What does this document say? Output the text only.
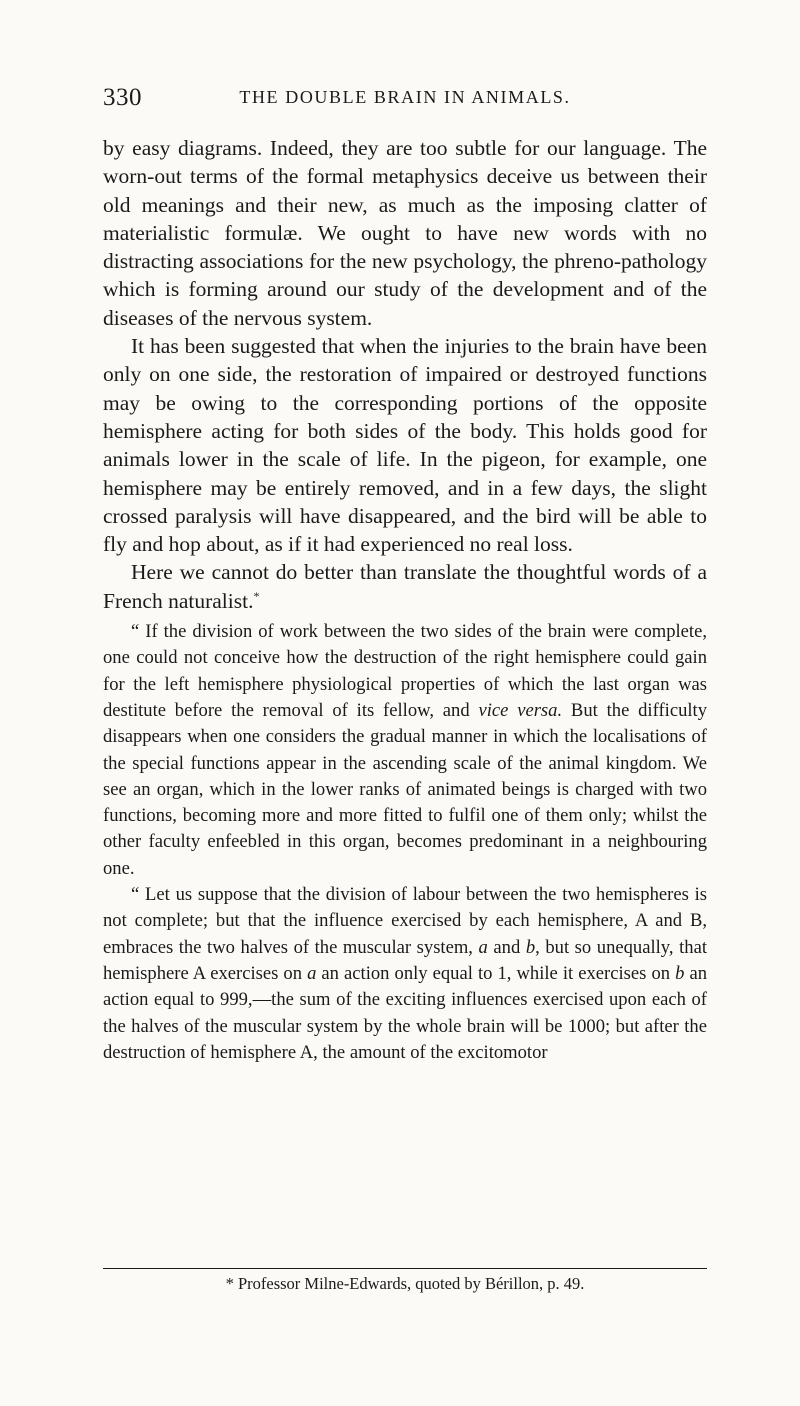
330	THE DOUBLE BRAIN IN ANIMALS.

by easy diagrams. Indeed, they are too subtle for our language. The worn-out terms of the formal metaphysics deceive us between their old meanings and their new, as much as the imposing clatter of materialistic formulæ. We ought to have new words with no distracting associations for the new psychology, the phreno-pathology which is forming around our study of the development and of the diseases of the nervous system.

It has been suggested that when the injuries to the brain have been only on one side, the restoration of impaired or destroyed functions may be owing to the corresponding portions of the opposite hemisphere acting for both sides of the body. This holds good for animals lower in the scale of life. In the pigeon, for example, one hemisphere may be entirely removed, and in a few days, the slight crossed paralysis will have disappeared, and the bird will be able to fly and hop about, as if it had experienced no real loss.

Here we cannot do better than translate the thoughtful words of a French naturalist.*

“ If the division of work between the two sides of the brain were complete, one could not conceive how the destruction of the right hemisphere could gain for the left hemisphere physiological properties of which the last organ was destitute before the removal of its fellow, and vice versa. But the difficulty disappears when one considers the gradual manner in which the localisations of the special functions appear in the ascending scale of the animal kingdom. We see an organ, which in the lower ranks of animated beings is charged with two functions, becoming more and more fitted to fulfil one of them only; whilst the other faculty enfeebled in this organ, becomes predominant in a neighbouring one.

“ Let us suppose that the division of labour between the two hemispheres is not complete; but that the influence exercised by each hemisphere, A and B, embraces the two halves of the muscular system, a and b, but so unequally, that hemisphere A exercises on a an action only equal to 1, while it exercises on b an action equal to 999,—the sum of the exciting influences exercised upon each of the halves of the muscular system by the whole brain will be 1000; but after the destruction of hemisphere A, the amount of the excitomotor

* Professor Milne-Edwards, quoted by Bérillon, p. 49.
